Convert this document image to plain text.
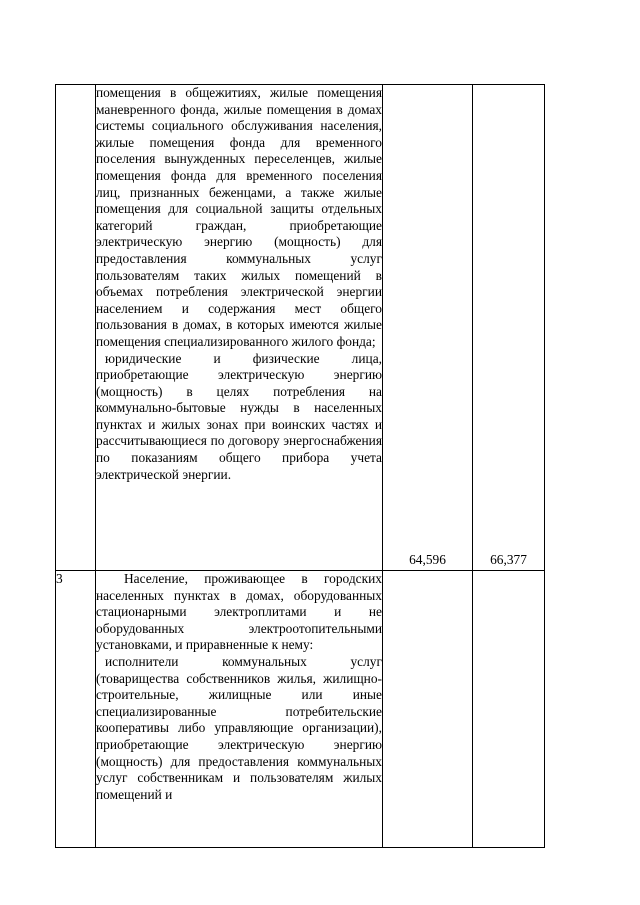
	помещения в общежитиях, жилые помещения маневренного фонда, жилые помещения в домах системы социального обслуживания населения, жилые помещения фонда для временного поселения вынужденных переселенцев, жилые помещения фонда для временного поселения лиц, признанных беженцами, а также жилые помещения для социальной защиты отдельных категорий граждан, приобретающие электрическую энергию (мощность) для предоставления коммунальных услуг пользователям таких жилых помещений в объемах потребления электрической энергии населением и содержания мест общего пользования в домах, в которых имеются жилые помещения специализированного жилого фонда;

юридические и физические лица, приобретающие электрическую энергию (мощность) в целях потребления на коммунально-бытовые нужды в населенных пунктах и жилых зонах при воинских частях и рассчитывающиеся по договору энергоснабжения по показаниям общего прибора учета электрической энергии.	64,596	66,377

3	Население, проживающее в городских населенных пунктах в домах, оборудованных стационарными электроплитами и не оборудованных электроотопительными установками, и приравненные к нему:

исполнители коммунальных услуг (товарищества собственников жилья, жилищно-строительные, жилищные или иные специализированные потребительские кооперативы либо управляющие организации), приобретающие электрическую энергию (мощность) для предоставления коммунальных услуг собственникам и пользователям жилых помещений и		
